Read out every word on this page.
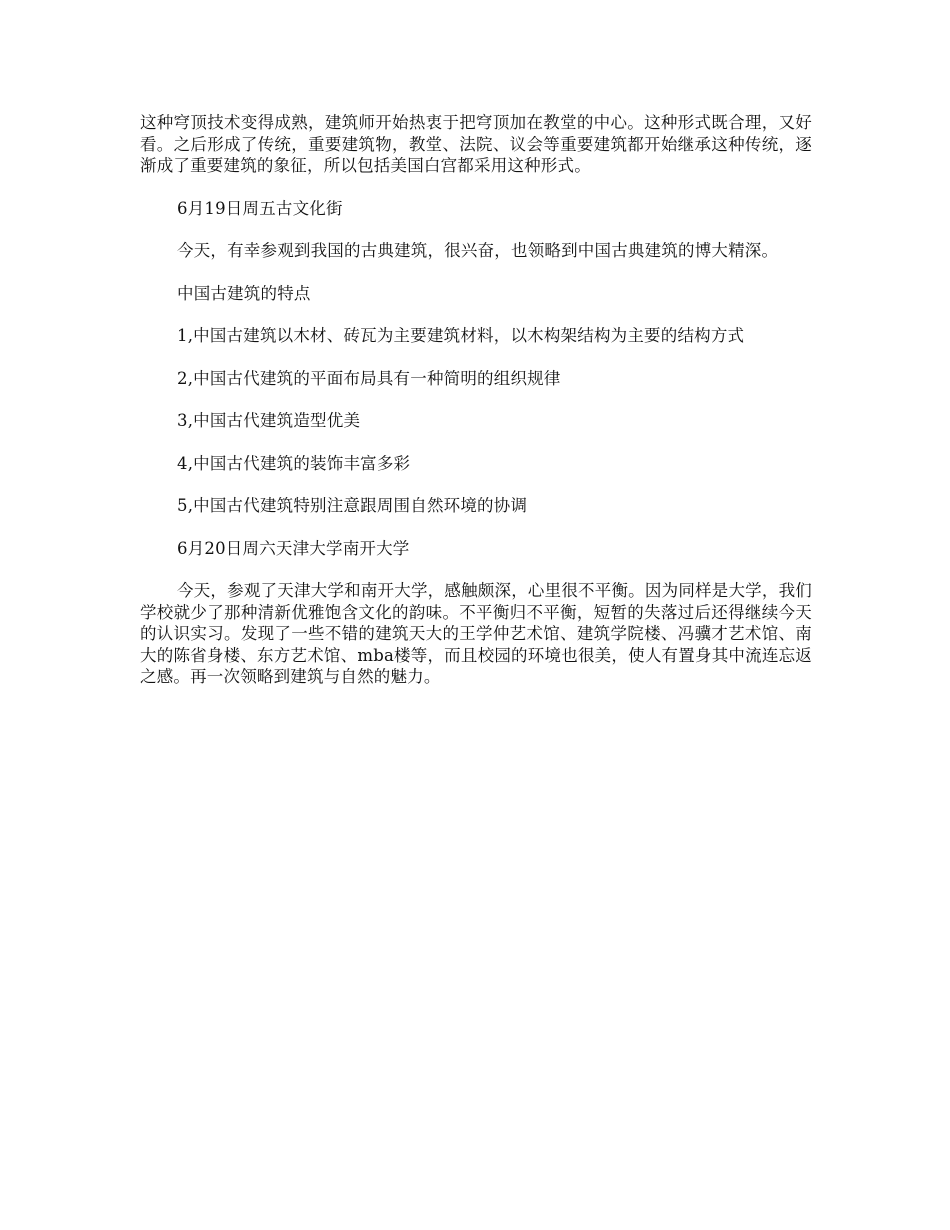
这种穹顶技术变得成熟，建筑师开始热衷于把穹顶加在教堂的中心。这种形式既合理，又好看。之后形成了传统，重要建筑物，教堂、法院、议会等重要建筑都开始继承这种传统，逐渐成了重要建筑的象征，所以包括美国白宫都采用这种形式。

6月19日周五古文化街

今天，有幸参观到我国的古典建筑，很兴奋，也领略到中国古典建筑的博大精深。

中国古建筑的特点

1,中国古建筑以木材、砖瓦为主要建筑材料，以木构架结构为主要的结构方式

2,中国古代建筑的平面布局具有一种简明的组织规律

3,中国古代建筑造型优美

4,中国古代建筑的装饰丰富多彩

5,中国古代建筑特别注意跟周围自然环境的协调

6月20日周六天津大学南开大学

今天，参观了天津大学和南开大学，感触颇深，心里很不平衡。因为同样是大学，我们学校就少了那种清新优雅饱含文化的韵味。不平衡归不平衡，短暂的失落过后还得继续今天的认识实习。发现了一些不错的建筑天大的王学仲艺术馆、建筑学院楼、冯骥才艺术馆、南大的陈省身楼、东方艺术馆、mba楼等，而且校园的环境也很美，使人有置身其中流连忘返之感。再一次领略到建筑与自然的魅力。
